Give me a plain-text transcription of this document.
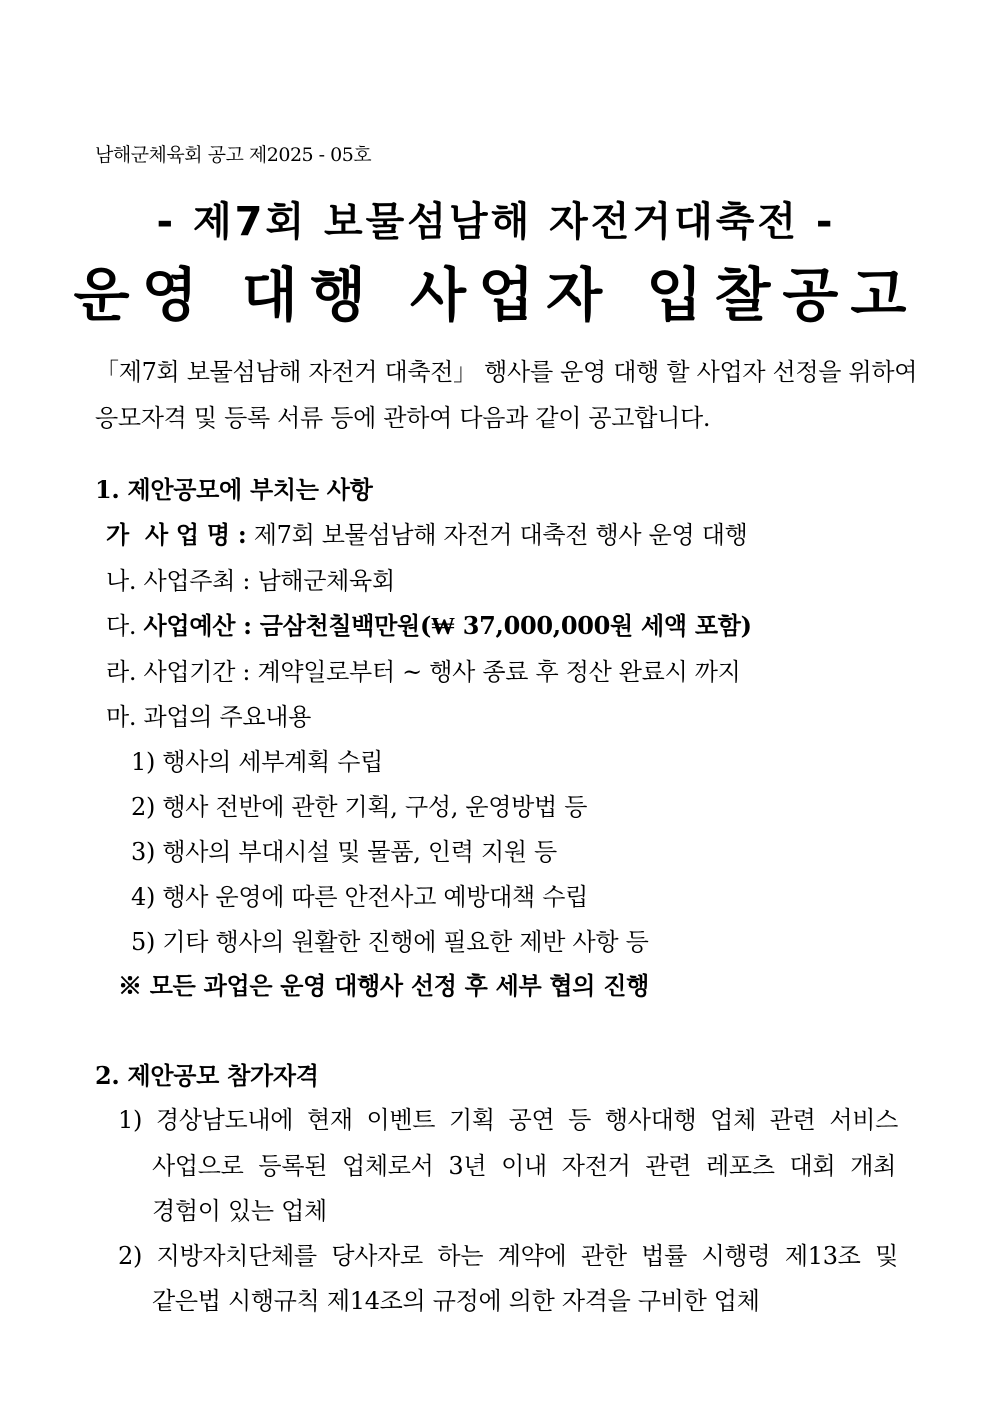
남해군체육회 공고 제2025 - 05호
- 제7회 보물섬남해 자전거대축전 -
운영 대행 사업자 입찰공고
「제7회 보물섬남해 자전거 대축전」 행사를 운영 대행 할 사업자 선정을 위하여
응모자격 및 등록 서류 등에 관하여 다음과 같이 공고합니다.
1. 제안공모에 부치는 사항
가  사 업 명 : 제7회 보물섬남해 자전거 대축전 행사 운영 대행
나. 사업주최 : 남해군체육회
다. 사업예산 : 금삼천칠백만원(₩ 37,000,000원 세액 포함)
라. 사업기간 : 계약일로부터 ~ 행사 종료 후 정산 완료시 까지
마. 과업의 주요내용
1) 행사의 세부계획 수립
2) 행사 전반에 관한 기획, 구성, 운영방법 등
3) 행사의 부대시설 및 물품, 인력 지원 등
4) 행사 운영에 따른 안전사고 예방대책 수립
5) 기타 행사의 원활한 진행에 필요한 제반 사항 등
※ 모든 과업은 운영 대행사 선정 후 세부 협의 진행
2. 제안공모 참가자격
1) 경상남도내에 현재 이벤트 기획 공연 등 행사대행 업체 관련 서비스
사업으로 등록된 업체로서 3년 이내 자전거 관련 레포츠 대회 개최
경험이 있는 업체
2) 지방자치단체를 당사자로 하는 계약에 관한 법률 시행령 제13조 및
같은법 시행규칙 제14조의 규정에 의한 자격을 구비한 업체
